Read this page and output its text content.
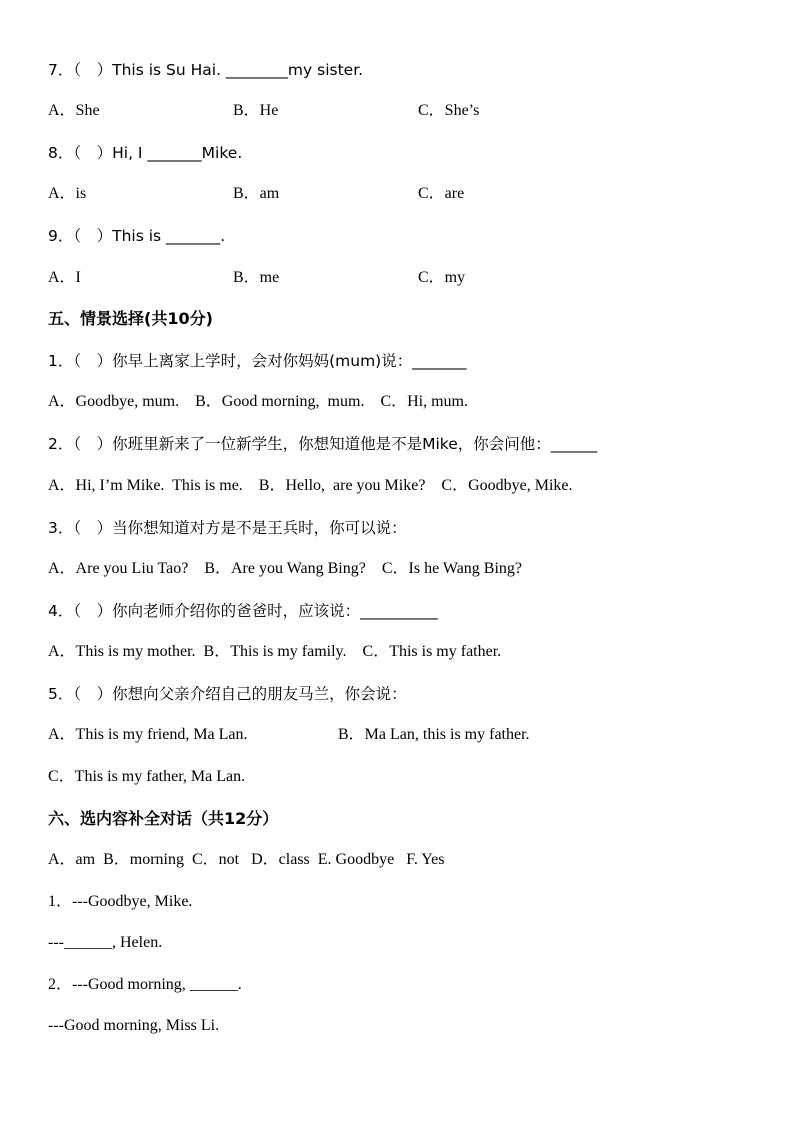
7．（　）This is Su Hai. ________my sister.
A．She	B．He	C．She’s
8．（　）Hi, I _______Mike.
A．is	B．am	C．are
9．（　）This is _______.
A．I	B．me	C．my
五、情景选择(共10分)
1．（　）你早上离家上学时，会对你妈妈(mum)说：_______
A．Goodbye, mum.　B．Good morning,  mum.　C．Hi, mum.
2．（　）你班里新来了一位新学生，你想知道他是不是Mike，你会问他：______
A．Hi, I’m Mike.  This is me.　B．Hello,  are you Mike?　C．Goodbye, Mike.
3．（　）当你想知道对方是不是王兵时，你可以说：
A．Are you Liu Tao?　B．Are you Wang Bing?　C．Is he Wang Bing?
4．（　）你向老师介绍你的爸爸时，应该说：__________
A．This is my mother.  B．This is my family.　C．This is my father.
5．（　）你想向父亲介绍自己的朋友马兰，你会说：
A．This is my friend, Ma Lan.	B．Ma Lan, this is my father.
C．This is my father, Ma Lan.
六、选内容补全对话（共12分）
A．am  B．morning  C．not   D．class  E. Goodbye   F. Yes
1．---Goodbye, Mike.
---______, Helen.
2．---Good morning, ______.
---Good morning, Miss Li.
